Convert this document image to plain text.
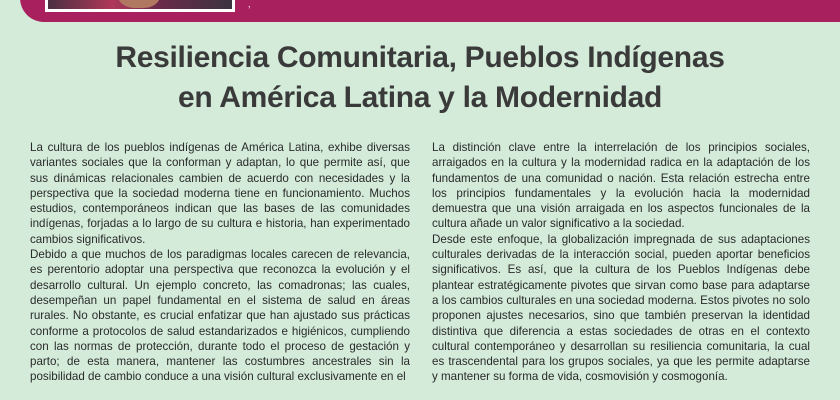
‚
Resiliencia Comunitaria, Pueblos Indígenas
en América Latina y la Modernidad

La cultura de los pueblos indígenas de América Latina, exhibe diversas variantes sociales que la conforman y adaptan, lo que permite así, que sus dinámicas relacionales cambien de acuerdo con necesidades y la perspectiva que la sociedad moderna tiene en funcionamiento. Muchos estudios, contemporáneos indican que las bases de las comunidades indígenas, forjadas a lo largo de su cultura e historia, han experimentado cambios significativos.

Debido a que muchos de los paradigmas locales carecen de relevancia, es perentorio adoptar una perspectiva que reconozca la evolución y el desarrollo cultural. Un ejemplo concreto, las comadronas; las cuales, desempeñan un papel fundamental en el sistema de salud en áreas rurales. No obstante, es crucial enfatizar que han ajustado sus prácticas conforme a protocolos de salud estandarizados e higiénicos, cumpliendo con las normas de protección, durante todo el proceso de gestación y parto; de esta manera, mantener las costumbres ancestrales sin la posibilidad de cambio conduce a una visión cultural exclusivamente en el

La distinción clave entre la interrelación de los principios sociales, arraigados en la cultura y la modernidad radica en la adaptación de los fundamentos de una comunidad o nación. Esta relación estrecha entre los principios fundamentales y la evolución hacia la modernidad demuestra que una visión arraigada en los aspectos funcionales de la cultura añade un valor significativo a la sociedad.

Desde este enfoque, la globalización impregnada de sus adaptaciones culturales derivadas de la interacción social, pueden aportar beneficios significativos. Es así, que la cultura de los Pueblos Indígenas debe plantear estratégicamente pivotes que sirvan como base para adaptarse a los cambios culturales en una sociedad moderna. Estos pivotes no solo proponen ajustes necesarios, sino que también preservan la identidad distintiva que diferencia a estas sociedades de otras en el contexto cultural contemporáneo y desarrollan su resiliencia comunitaria, la cual es trascendental para los grupos sociales, ya que les permite adaptarse y mantener su forma de vida, cosmovisión y cosmogonía.
